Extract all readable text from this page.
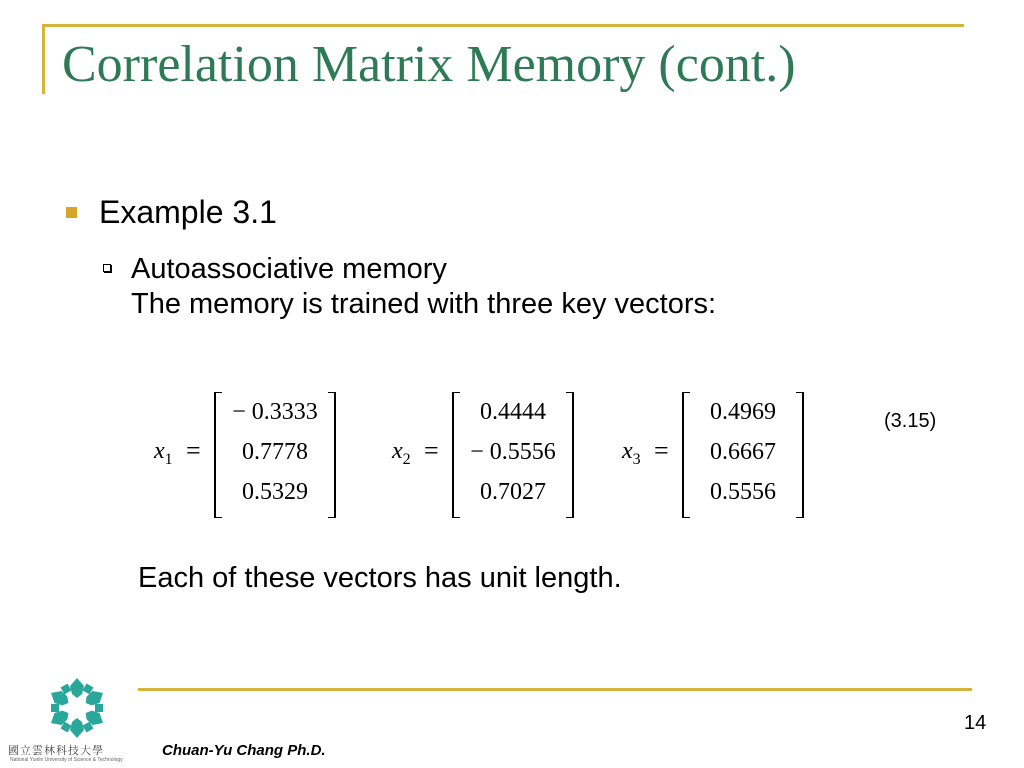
Correlation Matrix Memory (cont.)
Example 3.1
Autoassociative memory
The memory is trained with three key vectors:
$x_1$ =
− 0.3333
0.7778
0.5329
$x_2$ =
0.4444
− 0.5556
0.7027
$x_3$ =
0.4969
0.6667
0.5556
(3.15)
Each of these vectors has unit length.
14
Chuan-Yu Chang Ph.D.
國立雲林科技大學
National Yunlin University of Science & Technology
